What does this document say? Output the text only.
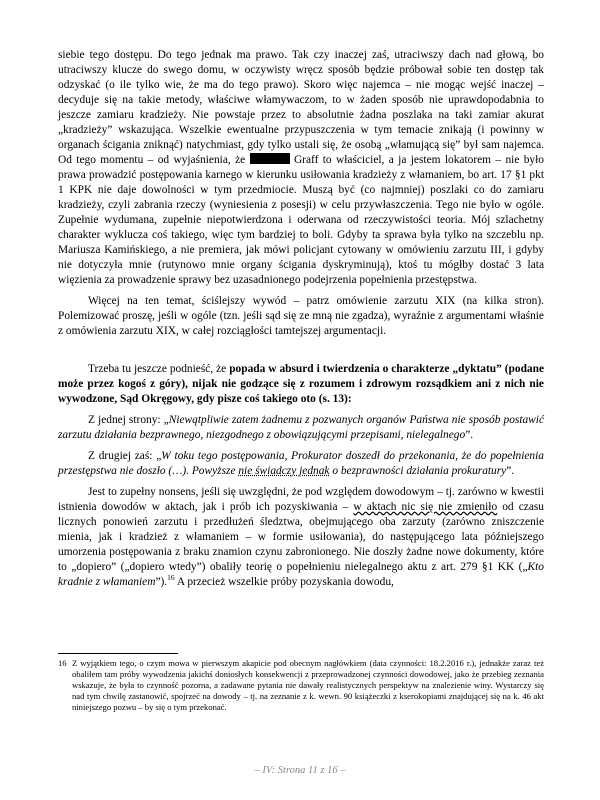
siebie tego dostępu. Do tego jednak ma prawo. Tak czy inaczej zaś, utraciwszy dach nad głową, bo utraciwszy klucze do swego domu, w oczywisty wręcz sposób będzie próbował sobie ten dostęp tak odzyskać (o ile tylko wie, że ma do tego prawo). Skoro więc najemca – nie mogąc wejść inaczej – decyduje się na takie metody, właściwe włamywaczom, to w żaden sposób nie uprawdopodabnia to jeszcze zamiaru kradzieży. Nie powstaje przez to absolutnie żadna poszlaka na taki zamiar akurat „kradzieży” wskazująca. Wszelkie ewentualne przypuszczenia w tym temacie znikają (i powinny w organach ścigania zniknąć) natychmiast, gdy tylko ustali się, że osobą „włamującą się” był sam najemca. Od tego momentu – od wyjaśnienia, że	Graff to właściciel, a ja jestem lokatorem – nie było prawa prowadzić postępowania karnego w kierunku usiłowania kradzieży z włamaniem, bo art. 17 §1 pkt 1 KPK nie daje dowolności w tym przedmiocie. Muszą być (co najmniej) poszlaki co do zamiaru kradzieży, czyli zabrania rzeczy (wyniesienia z posesji) w celu przywłaszczenia. Tego nie było w ogóle. Zupełnie wydumana, zupełnie niepotwierdzona i oderwana od rzeczywistości teoria. Mój szlachetny charakter wyklucza coś takiego, więc tym bardziej to boli. Gdyby ta sprawa była tylko na szczeblu np. Mariusza Kamińskiego, a nie premiera, jak mówi policjant cytowany w omówieniu zarzutu III, i gdyby nie dotyczyła mnie (rutynowo mnie organy ścigania dyskryminują), ktoś tu mógłby dostać 3 lata więzienia za prowadzenie sprawy bez uzasadnionego podejrzenia popełnienia przestępstwa.

Więcej na ten temat, ściślejszy wywód – patrz omówienie zarzutu XIX (na kilka stron). Polemizować proszę, jeśli w ogóle (tzn. jeśli sąd się ze mną nie zgadza), wyraźnie z argumentami właśnie z omówienia zarzutu XIX, w całej rozciągłości tamtejszej argumentacji.

Trzeba tu jeszcze podnieść, że popada w absurd i twierdzenia o charakterze „dyktatu” (podane może przez kogoś z góry), nijak nie godzące się z rozumem i zdrowym rozsądkiem ani z nich nie wywodzone, Sąd Okręgowy, gdy pisze coś takiego oto (s. 13):

Z jednej strony: „Niewątpliwie zatem żadnemu z pozwanych organów Państwa nie sposób postawić zarzutu działania bezprawnego, niezgodnego z obowiązującymi przepisami, nielegalnego”.

Z drugiej zaś: „W toku tego postępowania, Prokurator doszedł do przekonania, że do popełnienia przestępstwa nie doszło (…). Powyższe nie świadczy jednak o bezprawności działania prokuratury”.

Jest to zupełny nonsens, jeśli się uwzględni, że pod względem dowodowym – tj. zarówno w kwestii istnienia dowodów w aktach, jak i prób ich pozyskiwania – w aktach nic się nie zmieniło od czasu licznych ponowień zarzutu i przedłużeń śledztwa, obejmującego oba zarzuty (zarówno zniszczenie mienia, jak i kradzież z włamaniem – w formie usiłowania), do następującego lata późniejszego umorzenia postępowania z braku znamion czynu zabronionego. Nie doszły żadne nowe dokumenty, które to „dopiero” („dopiero wtedy”) obaliły teorię o popełnieniu nielegalnego aktu z art. 279 §1 KK („Kto kradnie z włamaniem”).$^{16}$ A przecież wszelkie próby pozyskania dowodu,

16 Z wyjątkiem tego, o czym mowa w pierwszym akapicie pod obecnym nagłówkiem (data czynności: 18.2.2016 r.), jednakże zaraz też obaliłem tam próby wywodzenia jakichś doniosłych konsekwencji z przeprowadzonej czynności dowodowej, jako że przebieg zeznania wskazuje, że była to czynność pozorna, a zadawane pytania nie dawały realistycznych perspektyw na znalezienie winy. Wystarczy się nad tym chwilę zastanowić, spojrzeć na dowody – tj. na zeznanie z k. wewn. 90 książeczki z kserokopiami znajdującej się na k. 46 akt niniejszego pozwu – by się o tym przekonać.
– IV: Strona 11 z 16 –
